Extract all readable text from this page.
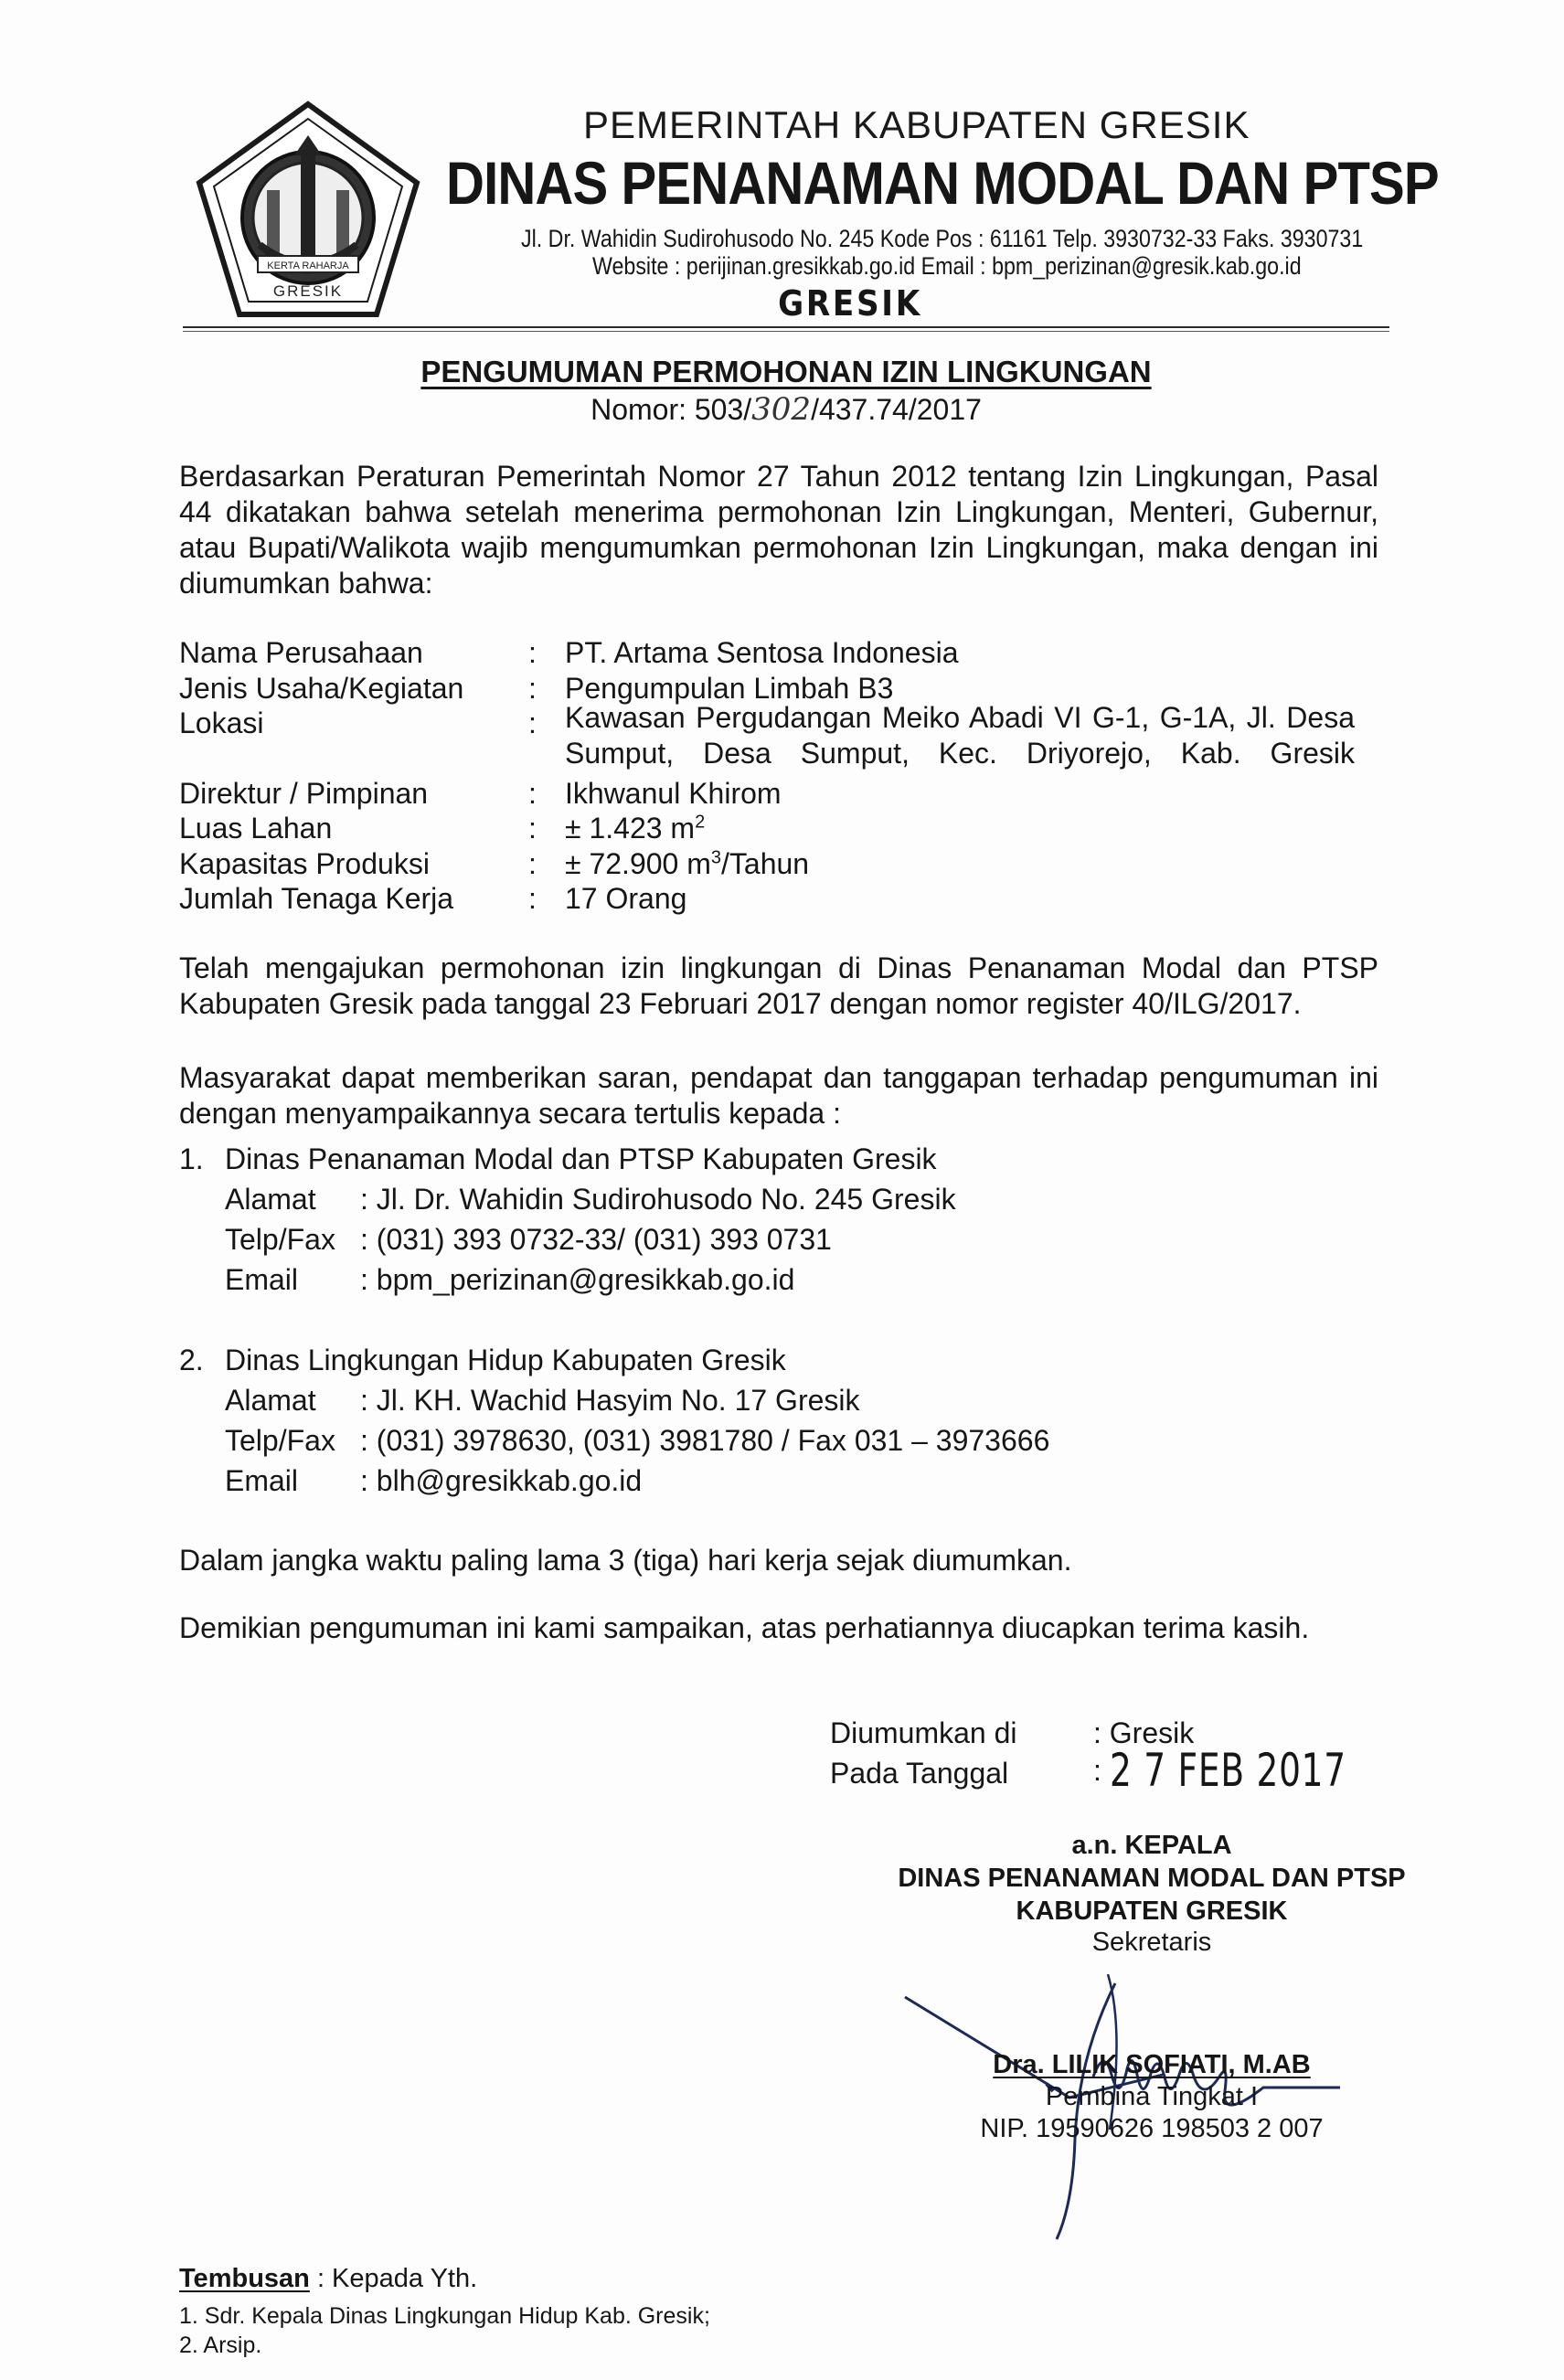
KERTA RAHARJA
GRESIK
PEMERINTAH KABUPATEN GRESIK
DINAS PENANAMAN MODAL DAN PTSP
Jl. Dr. Wahidin Sudirohusodo No. 245 Kode Pos : 61161 Telp. 3930732-33 Faks. 3930731
Website : perijinan.gresikkab.go.id Email : bpm_perizinan@gresik.kab.go.id
GRESIK
PENGUMUMAN PERMOHONAN IZIN LINGKUNGAN
Nomor: 503/302/437.74/2017
Berdasarkan Peraturan Pemerintah Nomor 27 Tahun 2012 tentang Izin Lingkungan, Pasal 44 dikatakan bahwa setelah menerima permohonan Izin Lingkungan, Menteri, Gubernur, atau Bupati/Walikota wajib mengumumkan permohonan Izin Lingkungan, maka dengan ini diumumkan bahwa:
Nama Perusahaan	: PT. Artama Sentosa Indonesia
Jenis Usaha/Kegiatan : Pengumpulan Limbah B3
Lokasi	: Kawasan Pergudangan Meiko Abadi VI G-1, G-1A, Jl. Desa Sumput, Desa Sumput, Kec. Driyorejo, Kab. Gresik
Direktur / Pimpinan	: Ikhwanul Khirom
Luas Lahan	: ± 1.423 $m^2$
Kapasitas Produksi	: ± 72.900 $m^3$/Tahun
Jumlah Tenaga Kerja	: 17 Orang
Telah mengajukan permohonan izin lingkungan di Dinas Penanaman Modal dan PTSP Kabupaten Gresik pada tanggal 23 Februari 2017 dengan nomor register 40/ILG/2017.
Masyarakat dapat memberikan saran, pendapat dan tanggapan terhadap pengumuman ini dengan menyampaikannya secara tertulis kepada :
1. Dinas Penanaman Modal dan PTSP Kabupaten Gresik
Alamat : Jl. Dr. Wahidin Sudirohusodo No. 245 Gresik
Telp/Fax : (031) 393 0732-33/ (031) 393 0731
Email : bpm_perizinan@gresikkab.go.id
2. Dinas Lingkungan Hidup Kabupaten Gresik
Alamat : Jl. KH. Wachid Hasyim No. 17 Gresik
Telp/Fax : (031) 3978630, (031) 3981780 / Fax 031 – 3973666
Email : blh@gresikkab.go.id
Dalam jangka waktu paling lama 3 (tiga) hari kerja sejak diumumkan.
Demikian pengumuman ini kami sampaikan, atas perhatiannya diucapkan terima kasih.
Diumumkan di	: Gresik
Pada Tanggal	: 2 7 FEB 2017
a.n. KEPALA
DINAS PENANAMAN MODAL DAN PTSP
KABUPATEN GRESIK
Sekretaris
Dra. LILIK SOFIATI, M.AB
Pembina Tingkat I
NIP. 19590626 198503 2 007
Tembusan : Kepada Yth.
1. Sdr. Kepala Dinas Lingkungan Hidup Kab. Gresik;
2. Arsip.
